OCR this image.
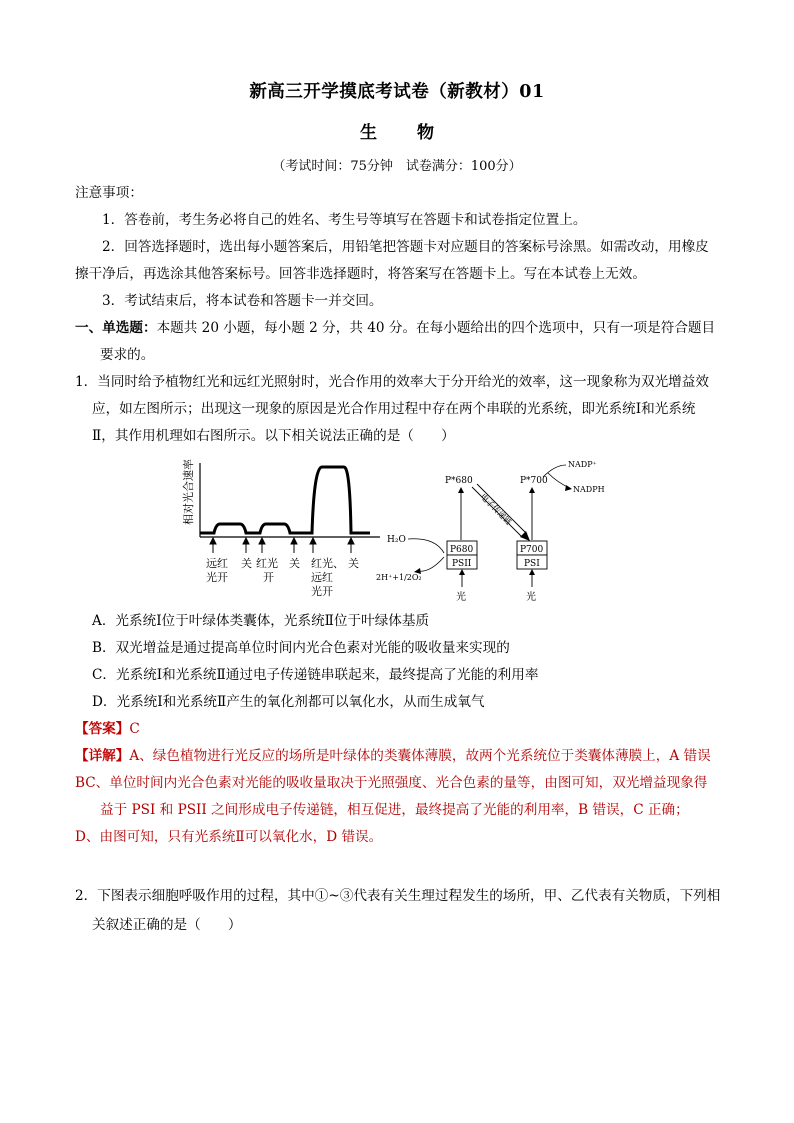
新高三开学摸底考试卷（新教材）01
生物
（考试时间：75分钟　试卷满分：100分）
注意事项：
1．答卷前，考生务必将自己的姓名、考生号等填写在答题卡和试卷指定位置上。
2．回答选择题时，选出每小题答案后，用铅笔把答题卡对应题目的答案标号涂黑。如需改动，用橡皮
擦干净后，再选涂其他答案标号。回答非选择题时，将答案写在答题卡上。写在本试卷上无效。
3．考试结束后，将本试卷和答题卡一并交回。
一、单选题：本题共 20 小题，每小题 2 分，共 40 分。在每小题给出的四个选项中，只有一项是符合题目
要求的。
1．当同时给予植物红光和远红光照射时，光合作用的效率大于分开给光的效率，这一现象称为双光增益效
应，如左图所示；出现这一现象的原因是光合作用过程中存在两个串联的光系统，即光系统Ⅰ和光系统
Ⅱ，其作用机理如右图所示。以下相关说法正确的是（　　）
相对光合速率
远红
光开
关 红光
开
关 红光、
远红
光开
关
P*680	P*700
NADP⁺
NADPH
电子传递链
P680
PSII
P700
PSI
H₂O
2H⁺+1/2O₂
光	光
A．光系统Ⅰ位于叶绿体类囊体，光系统Ⅱ位于叶绿体基质
B．双光增益是通过提高单位时间内光合色素对光能的吸收量来实现的
C．光系统Ⅰ和光系统Ⅱ通过电子传递链串联起来，最终提高了光能的利用率
D．光系统Ⅰ和光系统Ⅱ产生的氧化剂都可以氧化水，从而生成氧气
【答案】C
【详解】A、绿色植物进行光反应的场所是叶绿体的类囊体薄膜，故两个光系统位于类囊体薄膜上，A 错误
BC、单位时间内光合色素对光能的吸收量取决于光照强度、光合色素的量等，由图可知，双光增益现象得
益于 PSI 和 PSII 之间形成电子传递链，相互促进，最终提高了光能的利用率，B 错误，C 正确；
D、由图可知，只有光系统Ⅱ可以氧化水，D 错误。
2．下图表示细胞呼吸作用的过程，其中①~③代表有关生理过程发生的场所，甲、乙代表有关物质，下列相
关叙述正确的是（　　）
